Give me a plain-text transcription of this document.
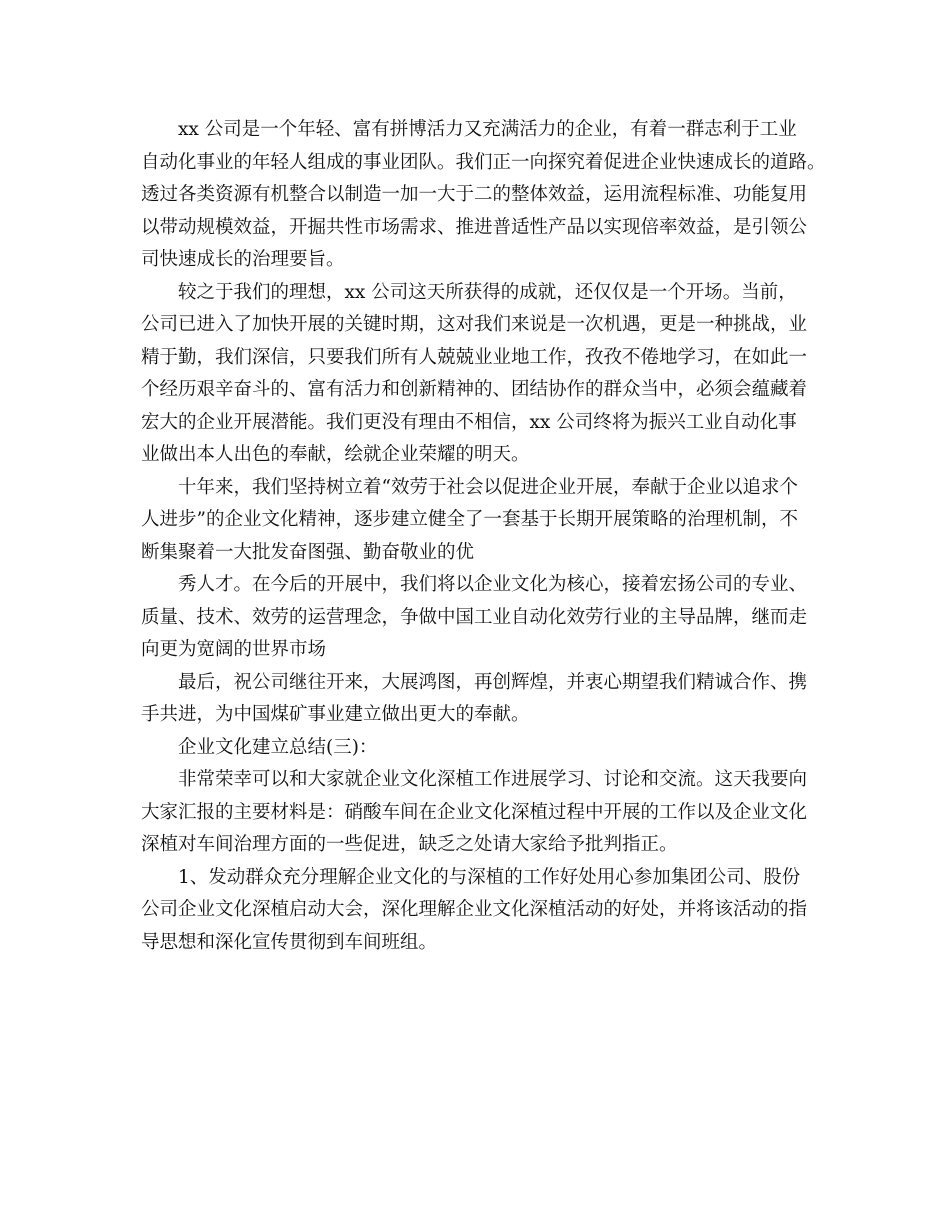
xx 公司是一个年轻、富有拼博活力又充满活力的企业，有着一群志利于工业
自动化事业的年轻人组成的事业团队。我们正一向探究着促进企业快速成长的道路。
透过各类资源有机整合以制造一加一大于二的整体效益，运用流程标准、功能复用
以带动规模效益，开掘共性市场需求、推进普适性产品以实现倍率效益，是引领公
司快速成长的治理要旨。
较之于我们的理想，xx 公司这天所获得的成就，还仅仅是一个开场。当前，
公司已进入了加快开展的关键时期，这对我们来说是一次机遇，更是一种挑战，业
精于勤，我们深信，只要我们所有人兢兢业业地工作，孜孜不倦地学习，在如此一
个经历艰辛奋斗的、富有活力和创新精神的、团结协作的群众当中，必须会蕴藏着
宏大的企业开展潜能。我们更没有理由不相信，xx 公司终将为振兴工业自动化事
业做出本人出色的奉献，绘就企业荣耀的明天。
十年来，我们坚持树立着“效劳于社会以促进企业开展，奉献于企业以追求个
人进步”的企业文化精神，逐步建立健全了一套基于长期开展策略的治理机制，不
断集聚着一大批发奋图强、勤奋敬业的优
秀人才。在今后的开展中，我们将以企业文化为核心，接着宏扬公司的专业、
质量、技术、效劳的运营理念，争做中国工业自动化效劳行业的主导品牌，继而走
向更为宽阔的世界市场
最后，祝公司继往开来，大展鸿图，再创辉煌，并衷心期望我们精诚合作、携
手共进，为中国煤矿事业建立做出更大的奉献。
企业文化建立总结(三)：
非常荣幸可以和大家就企业文化深植工作进展学习、讨论和交流。这天我要向
大家汇报的主要材料是：硝酸车间在企业文化深植过程中开展的工作以及企业文化
深植对车间治理方面的一些促进，缺乏之处请大家给予批判指正。
1、发动群众充分理解企业文化的与深植的工作好处用心参加集团公司、股份
公司企业文化深植启动大会，深化理解企业文化深植活动的好处，并将该活动的指
导思想和深化宣传贯彻到车间班组。
